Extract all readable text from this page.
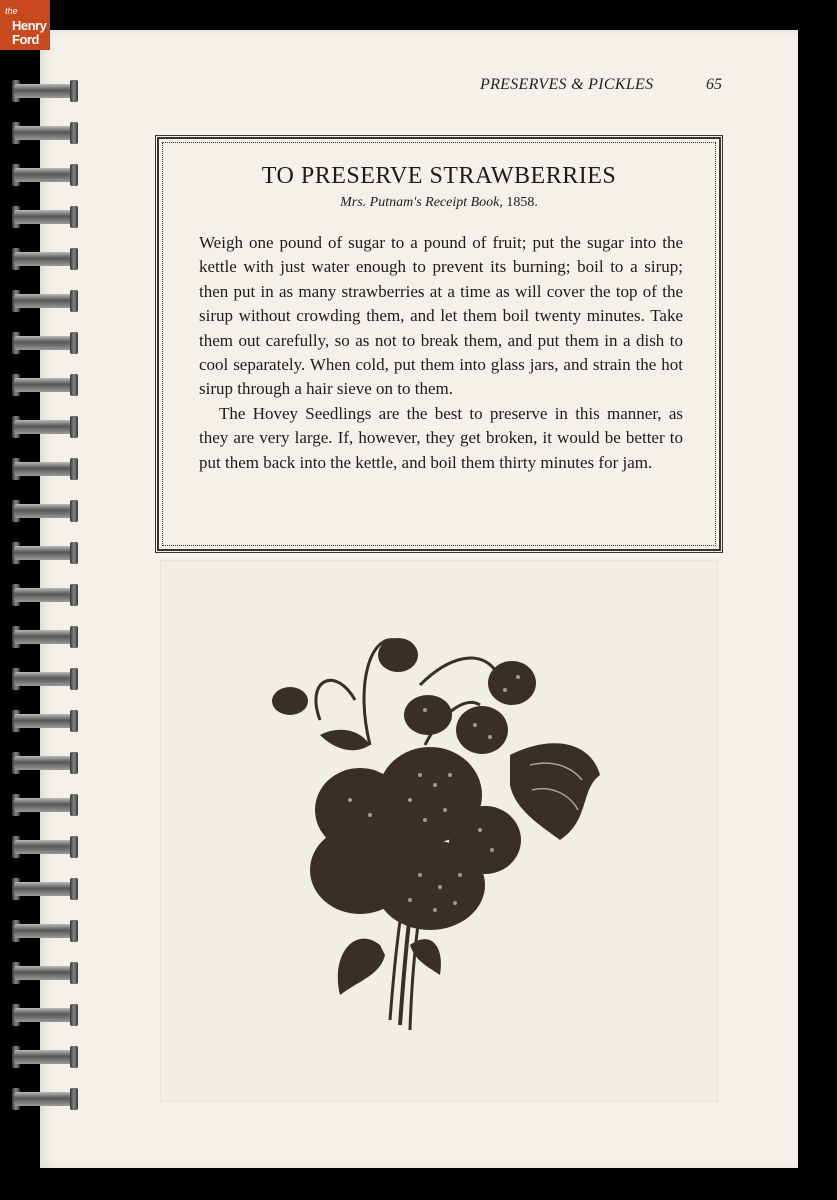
the
Henry
Ford
PRESERVES & PICKLES	65
TO PRESERVE STRAWBERRIES
Mrs. Putnam's Receipt Book, 1858.

Weigh one pound of sugar to a pound of fruit; put the sugar into the kettle with just water enough to prevent its burning; boil to a sirup; then put in as many strawberries at a time as will cover the top of the sirup without crowding them, and let them boil twenty minutes. Take them out carefully, so as not to break them, and put them in a dish to cool separately. When cold, put them into glass jars, and strain the hot sirup through a hair sieve on to them.

The Hovey Seedlings are the best to preserve in this manner, as they are very large. If, however, they get broken, it would be better to put them back into the kettle, and boil them thirty minutes for jam.
